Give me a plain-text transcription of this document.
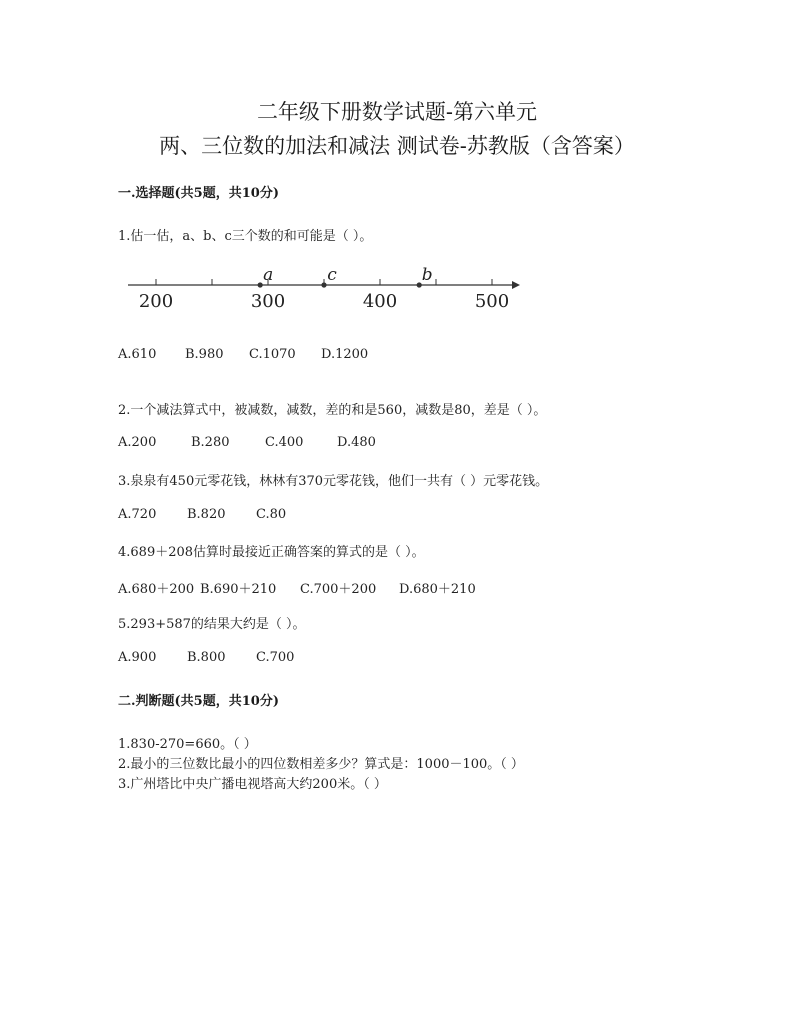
二年级下册数学试题-第六单元
两、三位数的加法和减法 测试卷-苏教版（含答案）
一.选择题(共5题，共10分)
1.估一估，a、b、c三个数的和可能是（ ）。
200	300	400	500
a	c	b
A.610 B.980 C.1070 D.1200
2.一个减法算式中，被减数，减数，差的和是560，减数是80，差是（ ）。
A.200	B.280	C.400	D.480
3.泉泉有450元零花钱，林林有370元零花钱，他们一共有（ ）元零花钱。
A.720 B.820 C.80
4.689＋208估算时最接近正确答案的算式的是（ ）。
A.680＋200 B.690＋210 C.700＋200 D.680＋210
5.293+587的结果大约是（ ）。
A.900 B.800 C.700
二.判断题(共5题，共10分)
1.830-270=660。（ ）
2.最小的三位数比最小的四位数相差多少？算式是：1000－100。（ ）
3.广州塔比中央广播电视塔高大约200米。（ ）
